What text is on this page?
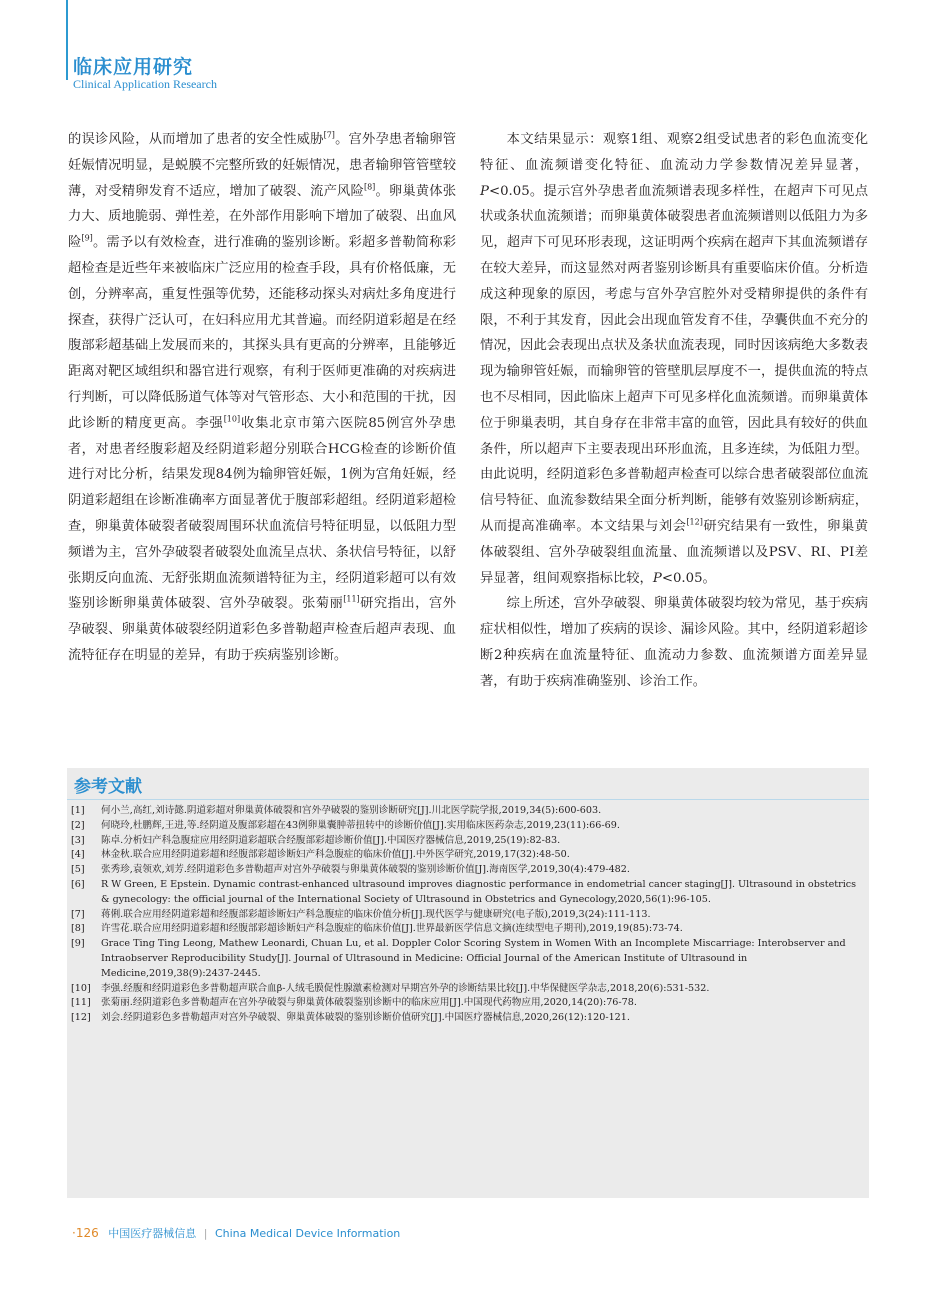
临床应用研究
Clinical Application Research

的误诊风险，从而增加了患者的安全性威胁[7]。宫外孕患者输卵管妊娠情况明显，是蜕膜不完整所致的妊娠情况，患者输卵管管壁较薄，对受精卵发育不适应，增加了破裂、流产风险[8]。卵巢黄体张力大、质地脆弱、弹性差，在外部作用影响下增加了破裂、出血风险[9]。需予以有效检查，进行准确的鉴别诊断。彩超多普勒简称彩超检查是近些年来被临床广泛应用的检查手段，具有价格低廉，无创，分辨率高，重复性强等优势，还能移动探头对病灶多角度进行探查，获得广泛认可，在妇科应用尤其普遍。而经阴道彩超是在经腹部彩超基础上发展而来的，其探头具有更高的分辨率，且能够近距离对靶区域组织和器官进行观察，有利于医师更准确的对疾病进行判断，可以降低肠道气体等对气管形态、大小和范围的干扰，因此诊断的精度更高。李强[10]收集北京市第六医院85例宫外孕患者，对患者经腹彩超及经阴道彩超分别联合HCG检查的诊断价值进行对比分析，结果发现84例为输卵管妊娠，1例为宫角妊娠，经阴道彩超组在诊断准确率方面显著优于腹部彩超组。经阴道彩超检查，卵巢黄体破裂者破裂周围环状血流信号特征明显，以低阻力型频谱为主，宫外孕破裂者破裂处血流呈点状、条状信号特征，以舒张期反向血流、无舒张期血流频谱特征为主，经阴道彩超可以有效鉴别诊断卵巢黄体破裂、宫外孕破裂。张菊丽[11]研究指出，宫外孕破裂、卵巢黄体破裂经阴道彩色多普勒超声检查后超声表现、血流特征存在明显的差异，有助于疾病鉴别诊断。

本文结果显示：观察1组、观察2组受试患者的彩色血流变化特征、血流频谱变化特征、血流动力学参数情况差异显著，P<0.05。提示宫外孕患者血流频谱表现多样性，在超声下可见点状或条状血流频谱；而卵巢黄体破裂患者血流频谱则以低阻力为多见，超声下可见环形表现，这证明两个疾病在超声下其血流频谱存在较大差异，而这显然对两者鉴别诊断具有重要临床价值。分析造成这种现象的原因，考虑与宫外孕宫腔外对受精卵提供的条件有限，不利于其发育，因此会出现血管发育不佳，孕囊供血不充分的情况，因此会表现出点状及条状血流表现，同时因该病绝大多数表现为输卵管妊娠，而输卵管的管壁肌层厚度不一，提供血流的特点也不尽相同，因此临床上超声下可见多样化血流频谱。而卵巢黄体位于卵巢表明，其自身存在非常丰富的血管，因此具有较好的供血条件，所以超声下主要表现出环形血流，且多连续，为低阻力型。由此说明，经阴道彩色多普勒超声检查可以综合患者破裂部位血流信号特征、血流参数结果全面分析判断，能够有效鉴别诊断病症，从而提高准确率。本文结果与刘会[12]研究结果有一致性，卵巢黄体破裂组、宫外孕破裂组血流量、血流频谱以及PSV、RI、PI差异显著，组间观察指标比较，P<0.05。

综上所述，宫外孕破裂、卵巢黄体破裂均较为常见，基于疾病症状相似性，增加了疾病的误诊、漏诊风险。其中，经阴道彩超诊断2种疾病在血流量特征、血流动力参数、血流频谱方面差异显著，有助于疾病准确鉴别、诊治工作。

参考文献
[1]	何小兰,高红,刘诗懿.阴道彩超对卵巢黄体破裂和宫外孕破裂的鉴别诊断研究[J].川北医学院学报,2019,34(5):600-603.
[2]	何晓玲,杜鹏辉,王进,等.经阴道及腹部彩超在43例卵巢囊肿蒂扭转中的诊断价值[J].实用临床医药杂志,2019,23(11):66-69.
[3]	陈卓.分析妇产科急腹症应用经阴道彩超联合经腹部彩超诊断价值[J].中国医疗器械信息,2019,25(19):82-83.
[4]	林金秋.联合应用经阴道彩超和经腹部彩超诊断妇产科急腹症的临床价值[J].中外医学研究,2019,17(32):48-50.
[5]	张秀珍,袁领欢,刘芳.经阴道彩色多普勒超声对宫外孕破裂与卵巢黄体破裂的鉴别诊断价值[J].海南医学,2019,30(4):479-482.
[6]	R W Green, E Epstein. Dynamic contrast-enhanced ultrasound improves diagnostic performance in endometrial cancer staging[J]. Ultrasound in obstetrics & gynecology: the official journal of the International Society of Ultrasound in Obstetrics and Gynecology,2020,56(1):96-105.
[7]	蒋俐.联合应用经阴道彩超和经腹部彩超诊断妇产科急腹症的临床价值分析[J].现代医学与健康研究(电子版),2019,3(24):111-113.
[8]	许雪花.联合应用经阴道彩超和经腹部彩超诊断妇产科急腹症的临床价值[J].世界最新医学信息文摘(连续型电子期刊),2019,19(85):73-74.
[9]	Grace Ting Ting Leong, Mathew Leonardi, Chuan Lu, et al. Doppler Color Scoring System in Women With an Incomplete Miscarriage: Interobserver and Intraobserver Reproducibility Study[J]. Journal of Ultrasound in Medicine: Official Journal of the American Institute of Ultrasound in Medicine,2019,38(9):2437-2445.
[10]	李强.经腹和经阴道彩色多普勒超声联合血β-人绒毛膜促性腺激素检测对早期宫外孕的诊断结果比较[J].中华保健医学杂志,2018,20(6):531-532.
[11]	张菊丽.经阴道彩色多普勒超声在宫外孕破裂与卵巢黄体破裂鉴别诊断中的临床应用[J].中国现代药物应用,2020,14(20):76-78.
[12]	刘会.经阴道彩色多普勒超声对宫外孕破裂、卵巢黄体破裂的鉴别诊断价值研究[J].中国医疗器械信息,2020,26(12):120-121.
·126 中国医疗器械信息 | China Medical Device Information
